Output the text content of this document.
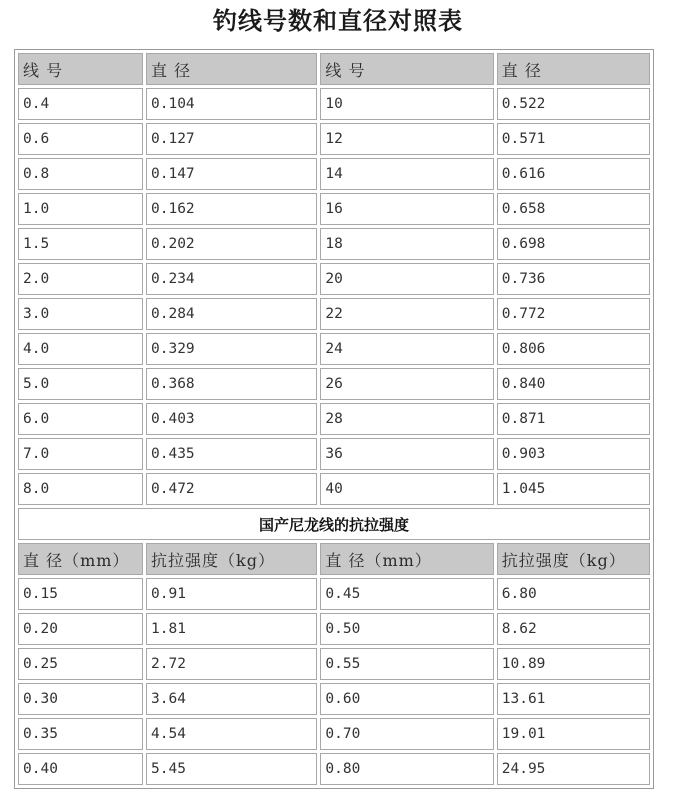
钓线号数和直径对照表
线 号	直 径	线 号	直 径
0.4	0.104	10	0.522
0.6	0.127	12	0.571
0.8	0.147	14	0.616
1.0	0.162	16	0.658
1.5	0.202	18	0.698
2.0	0.234	20	0.736
3.0	0.284	22	0.772
4.0	0.329	24	0.806
5.0	0.368	26	0.840
6.0	0.403	28	0.871
7.0	0.435	36	0.903
8.0	0.472	40	1.045
国产尼龙线的抗拉强度			
直 径（mm）	抗拉强度（kg）	直 径（mm）	抗拉强度（kg）
0.15	0.91	0.45	6.80
0.20	1.81	0.50	8.62
0.25	2.72	0.55	10.89
0.30	3.64	0.60	13.61
0.35	4.54	0.70	19.01
0.40	5.45	0.80	24.95
